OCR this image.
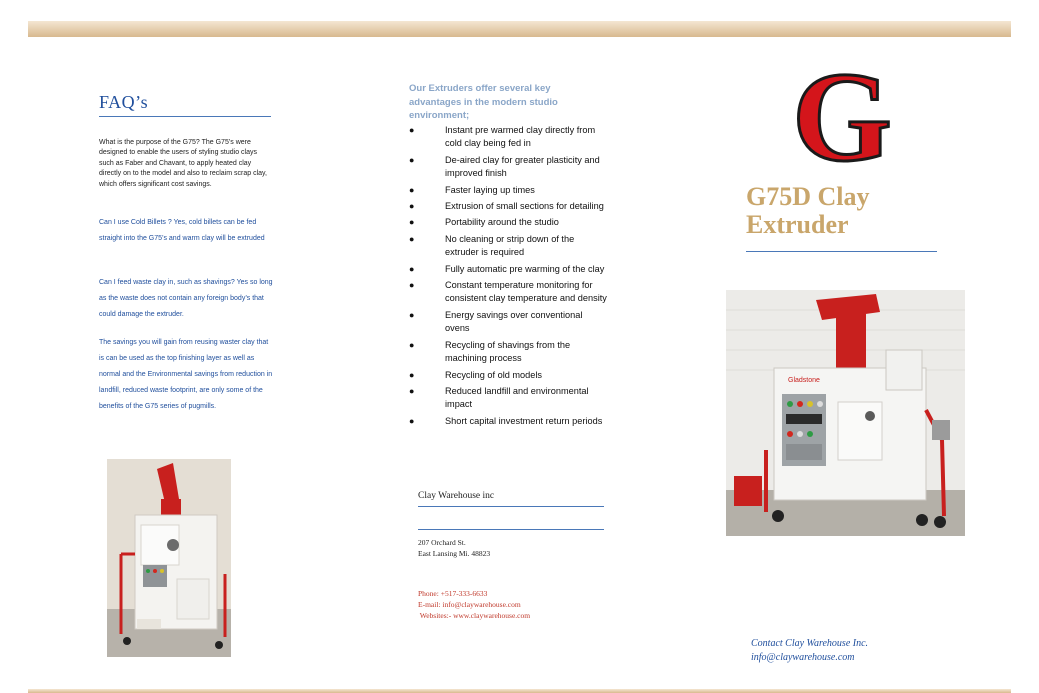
FAQ’s
What is the purpose of the G75? The G75’s were designed to enable the users of styling studio clays such as Faber and Chavant, to apply heated clay directly on to the model and also to reclaim scrap clay, which offers significant cost savings.
Can I use Cold Billets ? Yes, cold billets can be fed straight into the G75’s and warm clay will be extruded
Can I feed waste clay in, such as shavings? Yes so long as the waste does not contain any foreign body’s that could damage the extruder.
The savings you will gain from reusing waster clay that is can be used as the top finishing layer as well as normal and the Environmental savings from reduction in landfill, reduced waste footprint, are only some of the benefits of the G75 series of pugmills.
Our Extruders offer several key advantages in the modern studio environment;
●	Instant pre warmed clay directly from cold clay being fed in
●	De-aired clay for greater plasticity and improved finish
●	Faster laying up times
●	Extrusion of small sections for detailing
●	Portability around the studio
●	No cleaning or strip down of the extruder is required
●	Fully automatic pre warming of the clay
●	Constant temperature monitoring for consistent clay temperature and density
●	Energy savings over conventional ovens
●	Recycling of shavings from the machining process
●	Recycling of old models
●	Reduced landfill and environmental impact
●	Short capital investment return periods
Clay Warehouse inc
207 Orchard St.
East Lansing Mi. 48823
Phone: +517-333-6633
E-mail: info@claywarehouse.com
Websites:- www.claywarehouse.com
G
G75D Clay
Extruder
Gladstone
Contact Clay Warehouse Inc.
info@claywarehouse.com
